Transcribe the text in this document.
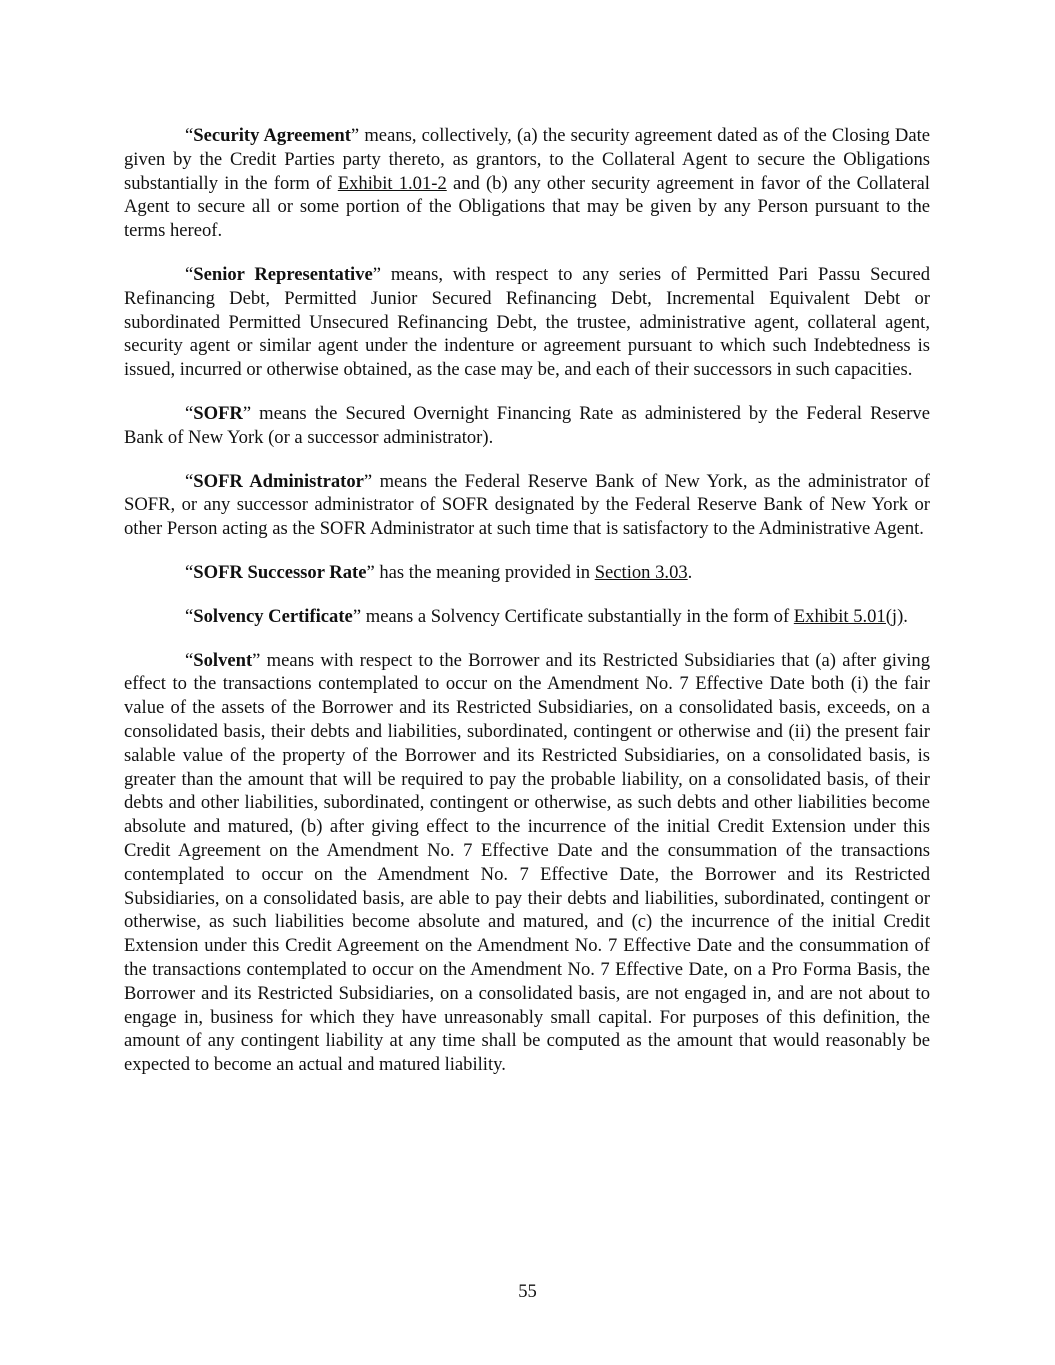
“Security Agreement” means, collectively, (a) the security agreement dated as of the Closing Date given by the Credit Parties party thereto, as grantors, to the Collateral Agent to secure the Obligations substantially in the form of Exhibit 1.01-2 and (b) any other security agreement in favor of the Collateral Agent to secure all or some portion of the Obligations that may be given by any Person pursuant to the terms hereof.

“Senior Representative” means, with respect to any series of Permitted Pari Passu Secured Refinancing Debt, Permitted Junior Secured Refinancing Debt, Incremental Equivalent Debt or subordinated Permitted Unsecured Refinancing Debt, the trustee, administrative agent, collateral agent, security agent or similar agent under the indenture or agreement pursuant to which such Indebtedness is issued, incurred or otherwise obtained, as the case may be, and each of their successors in such capacities.

“SOFR” means the Secured Overnight Financing Rate as administered by the Federal Reserve Bank of New York (or a successor administrator).

“SOFR Administrator” means the Federal Reserve Bank of New York, as the administrator of SOFR, or any successor administrator of SOFR designated by the Federal Reserve Bank of New York or other Person acting as the SOFR Administrator at such time that is satisfactory to the Administrative Agent.

“SOFR Successor Rate” has the meaning provided in Section 3.03.

“Solvency Certificate” means a Solvency Certificate substantially in the form of Exhibit 5.01(j).

“Solvent” means with respect to the Borrower and its Restricted Subsidiaries that (a) after giving effect to the transactions contemplated to occur on the Amendment No. 7 Effective Date both (i) the fair value of the assets of the Borrower and its Restricted Subsidiaries, on a consolidated basis, exceeds, on a consolidated basis, their debts and liabilities, subordinated, contingent or otherwise and (ii) the present fair salable value of the property of the Borrower and its Restricted Subsidiaries, on a consolidated basis, is greater than the amount that will be required to pay the probable liability, on a consolidated basis, of their debts and other liabilities, subordinated, contingent or otherwise, as such debts and other liabilities become absolute and matured, (b) after giving effect to the incurrence of the initial Credit Extension under this Credit Agreement on the Amendment No. 7 Effective Date and the consummation of the transactions contemplated to occur on the Amendment No. 7 Effective Date, the Borrower and its Restricted Subsidiaries, on a consolidated basis, are able to pay their debts and liabilities, subordinated, contingent or otherwise, as such liabilities become absolute and matured, and (c) the incurrence of the initial Credit Extension under this Credit Agreement on the Amendment No. 7 Effective Date and the consummation of the transactions contemplated to occur on the Amendment No. 7 Effective Date, on a Pro Forma Basis, the Borrower and its Restricted Subsidiaries, on a consolidated basis, are not engaged in, and are not about to engage in, business for which they have unreasonably small capital. For purposes of this definition, the amount of any contingent liability at any time shall be computed as the amount that would reasonably be expected to become an actual and matured liability.

55
